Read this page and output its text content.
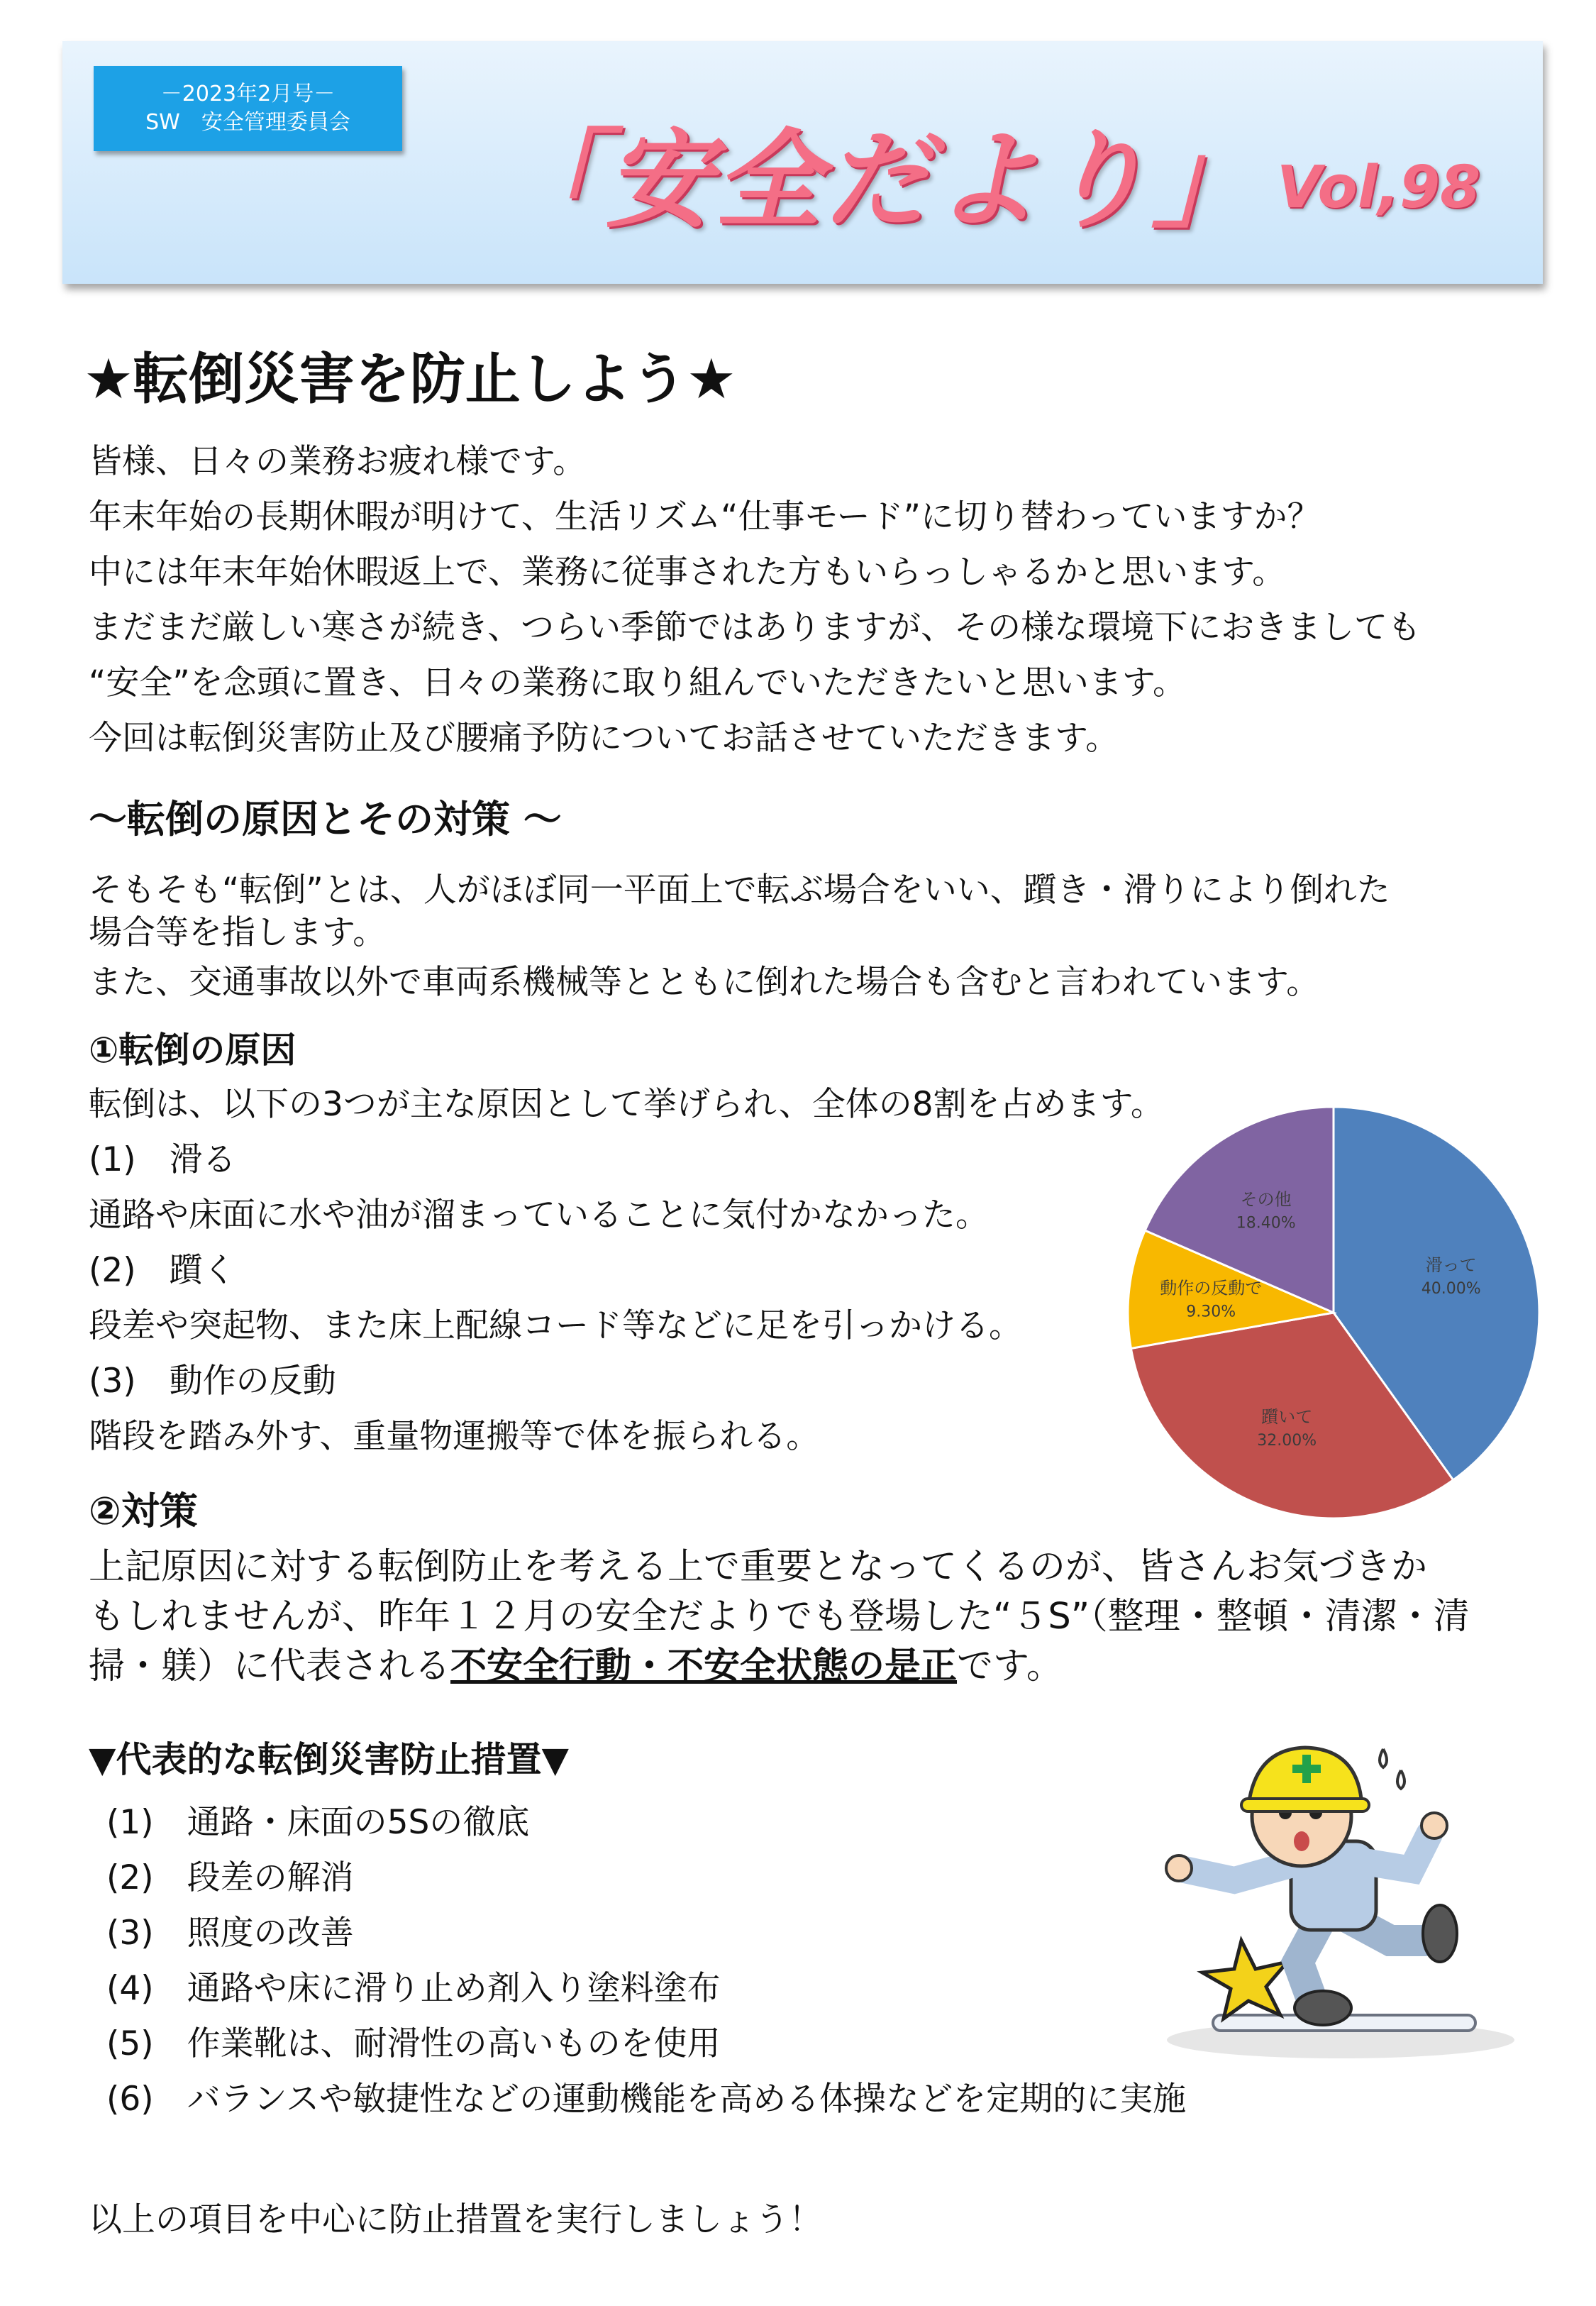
－2023年2月号－
SW　安全管理委員会	「安全だより」 Vol,98
★転倒災害を防止しよう★
皆様、日々の業務お疲れ様です。
年末年始の長期休暇が明けて、生活リズム“仕事モード”に切り替わっていますか？
中には年末年始休暇返上で、業務に従事された方もいらっしゃるかと思います。
まだまだ厳しい寒さが続き、つらい季節ではありますが、その様な環境下におきましても
“安全”を念頭に置き、日々の業務に取り組んでいただきたいと思います。
今回は転倒災害防止及び腰痛予防についてお話させていただきます。
～転倒の原因とその対策 ～
そもそも“転倒”とは、人がほぼ同一平面上で転ぶ場合をいい、躓き・滑りにより倒れた
場合等を指します。
また、交通事故以外で車両系機械等とともに倒れた場合も含むと言われています。
①転倒の原因
転倒は、以下の3つが主な原因として挙げられ、全体の8割を占めます。
(1)　滑る
通路や床面に水や油が溜まっていることに気付かなかった。
(2)　躓く
段差や突起物、また床上配線コード等などに足を引っかける。
(3)　動作の反動
階段を踏み外す、重量物運搬等で体を振られる。
滑って
40.00%
躓いて
32.00%
動作の反動で
9.30%
その他
18.40%
②対策
上記原因に対する転倒防止を考える上で重要となってくるのが、皆さんお気づきか
もしれませんが、昨年１２月の安全だよりでも登場した“５S”（整理・整頓・清潔・清
掃・躾）に代表される不安全行動・不安全状態の是正です。
▼代表的な転倒災害防止措置▼
(1)　通路・床面の5Sの徹底
(2)　段差の解消
(3)　照度の改善
(4)　通路や床に滑り止め剤入り塗料塗布
(5)　作業靴は、耐滑性の高いものを使用
(6)　バランスや敏捷性などの運動機能を高める体操などを定期的に実施
以上の項目を中心に防止措置を実行しましょう！
